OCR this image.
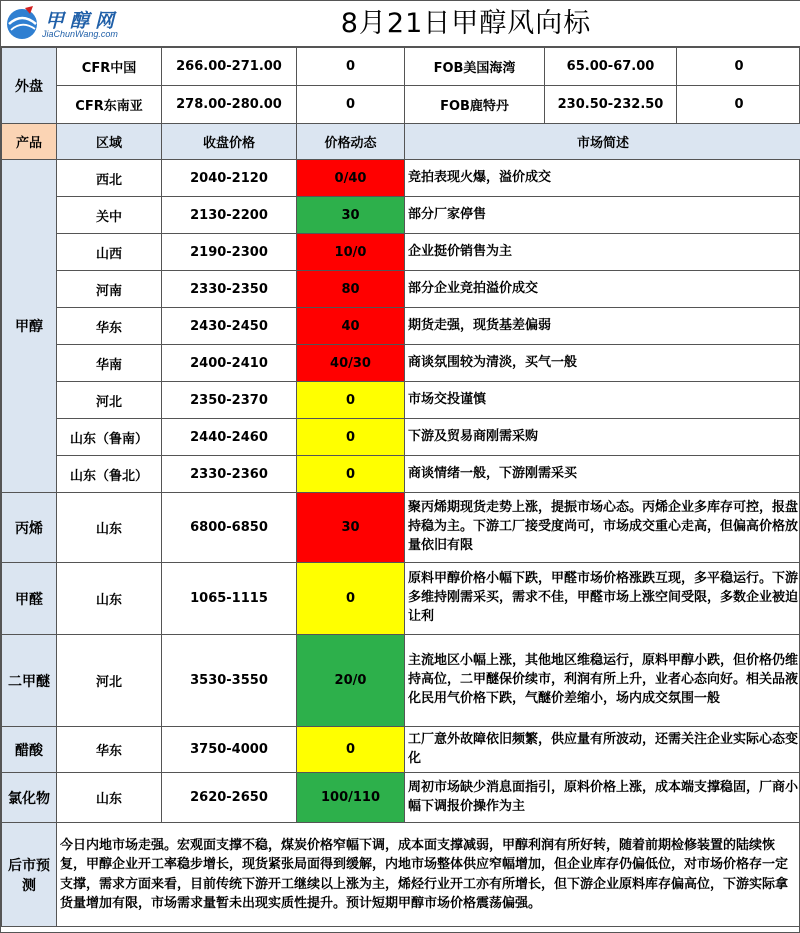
甲醇网
JiaChunWang.com	8月21日甲醇风向标
外盘	CFR中国	266.00-271.00	0	FOB美国海湾	65.00-67.00	0
	CFR东南亚	278.00-280.00	0	FOB鹿特丹	230.50-232.50	0
产品	区域	收盘价格	价格动态	市场简述		
甲醇	西北	2040-2120	0/40	竞拍表现火爆，溢价成交		
	关中	2130-2200	30	部分厂家停售		
	山西	2190-2300	10/0	企业挺价销售为主		
	河南	2330-2350	80	部分企业竞拍溢价成交		
	华东	2430-2450	40	期货走强，现货基差偏弱		
	华南	2400-2410	40/30	商谈氛围较为清淡，买气一般		
	河北	2350-2370	0	市场交投谨慎		
	山东（鲁南）	2440-2460	0	下游及贸易商刚需采购		
	山东（鲁北）	2330-2360	0	商谈情绪一般，下游刚需采买		
丙烯	山东	6800-6850	30	聚丙烯期现货走势上涨，提振市场心态。丙烯企业多库存可控，报盘持稳为主。下游工厂接受度尚可，市场成交重心走高，但偏高价格放量依旧有限		
甲醛	山东	1065-1115	0	原料甲醇价格小幅下跌，甲醛市场价格涨跌互现，多平稳运行。下游多维持刚需采买，需求不佳，甲醛市场上涨空间受限，多数企业被迫让利		
二甲醚	河北	3530-3550	20/0	主流地区小幅上涨，其他地区维稳运行，原料甲醇小跌，但价格仍维持高位，二甲醚保价续市，利润有所上升，业者心态向好。相关品液化民用气价格下跌，气醚价差缩小，场内成交氛围一般		
醋酸	华东	3750-4000	0	工厂意外故障依旧频繁，供应量有所波动，还需关注企业实际心态变化		
氯化物	山东	2620-2650	100/110	周初市场缺少消息面指引，原料价格上涨，成本端支撑稳固，厂商小幅下调报价操作为主		
后市预测	今日内地市场走强。宏观面支撑不稳，煤炭价格窄幅下调，成本面支撑减弱，甲醇利润有所好转，随着前期检修装置的陆续恢复，甲醇企业开工率稳步增长，现货紧张局面得到缓解，内地市场整体供应窄幅增加，但企业库存仍偏低位，对市场价格存一定支撑，需求方面来看，目前传统下游开工继续以上涨为主，烯烃行业开工亦有所增长，但下游企业原料库存偏高位，下游实际拿货量增加有限，市场需求量暂未出现实质性提升。预计短期甲醇市场价格震荡偏强。					
